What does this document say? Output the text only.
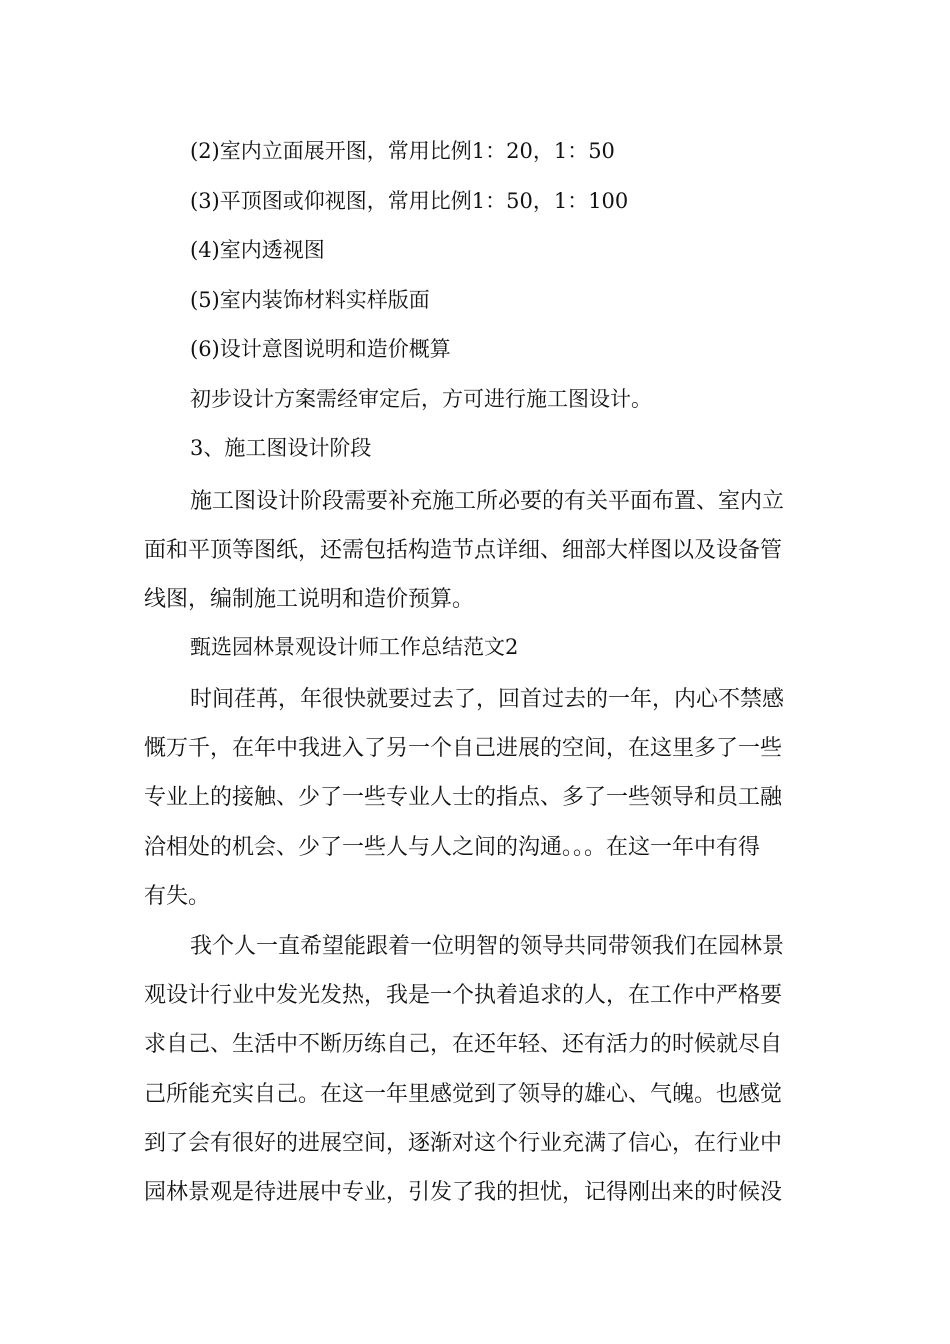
(2)室内立面展开图，常用比例1：20，1：50

(3)平顶图或仰视图，常用比例1：50，1：100

(4)室内透视图

(5)室内装饰材料实样版面

(6)设计意图说明和造价概算

初步设计方案需经审定后，方可进行施工图设计。

3、施工图设计阶段

施工图设计阶段需要补充施工所必要的有关平面布置、室内立
面和平顶等图纸，还需包括构造节点详细、细部大样图以及设备管
线图，编制施工说明和造价预算。

甄选园林景观设计师工作总结范文2

时间荏苒，年很快就要过去了，回首过去的一年，内心不禁感
慨万千，在年中我进入了另一个自己进展的空间，在这里多了一些
专业上的接触、少了一些专业人士的指点、多了一些领导和员工融
洽相处的机会、少了一些人与人之间的沟通。。。在这一年中有得
有失。
我个人一直希望能跟着一位明智的领导共同带领我们在园林景
观设计行业中发光发热，我是一个执着追求的人，在工作中严格要
求自己、生活中不断历练自己，在还年轻、还有活力的时候就尽自
己所能充实自己。在这一年里感觉到了领导的雄心、气魄。也感觉
到了会有很好的进展空间，逐渐对这个行业充满了信心，在行业中
园林景观是待进展中专业，引发了我的担忧，记得刚出来的时候没
